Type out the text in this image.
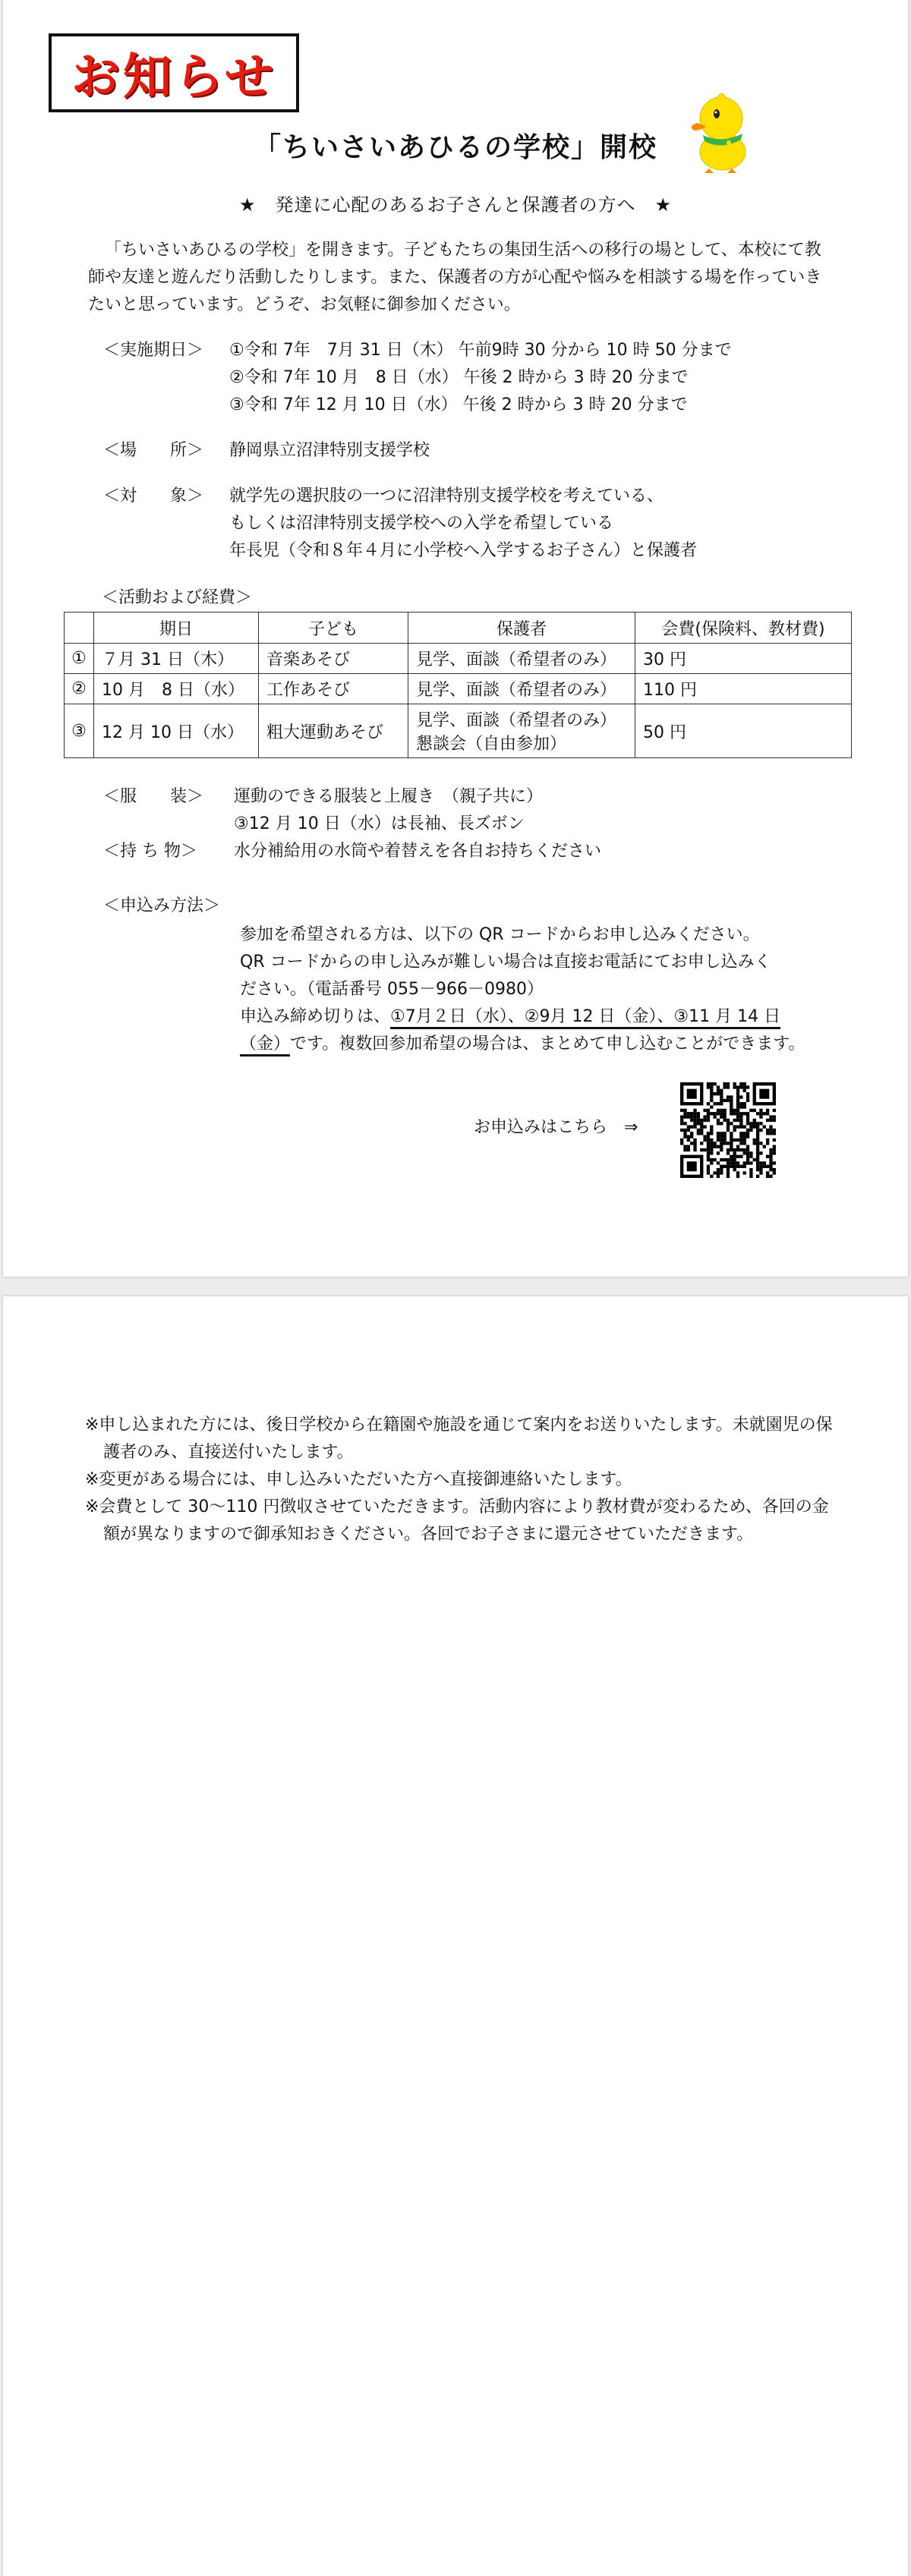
お知らせ
「ちいさいあひるの学校」開校
★　発達に心配のあるお子さんと保護者の方へ　★
「ちいさいあひるの学校」を開きます。子どもたちの集団生活への移行の場として、本校にて教師や友達と遊んだり活動したりします。また、保護者の方が心配や悩みを相談する場を作っていきたいと思っています。どうぞ、お気軽に御参加ください。
＜実施期日＞ ①令和 7年　7月 31 日（木） 午前9時 30 分から 10 時 50 分まで
②令和 7年 10 月　8 日（水） 午後 2 時から 3 時 20 分まで
③令和 7年 12 月 10 日（水） 午後 2 時から 3 時 20 分まで
＜場　　所＞ 静岡県立沼津特別支援学校
＜対　　象＞ 就学先の選択肢の一つに沼津特別支援学校を考えている、
もしくは沼津特別支援学校への入学を希望している
年長児（令和８年４月に小学校へ入学するお子さん）と保護者
＜活動および経費＞
	期日	子ども	保護者	会費(保険料、教材費)
①	７月 31 日（木）	音楽あそび	見学、面談（希望者のみ）	30 円
②	10 月　8 日（水）	工作あそび	見学、面談（希望者のみ）	110 円
③	12 月 10 日（水）	粗大運動あそび	見学、面談（希望者のみ）
懇談会（自由参加）	50 円
＜服　　装＞ 運動のできる服装と上履き　（親子共に）
③12 月 10 日（水）は長袖、長ズボン
＜持 ち 物＞ 水分補給用の水筒や着替えを各自お持ちください
＜申込み方法＞
参加を希望される方は、以下の QR コードからお申し込みください。
QR コードからの申し込みが難しい場合は直接お電話にてお申し込みく
ださい。（電話番号 055－966－0980）
申込み締め切りは、①7月２日（水）、②9月 12 日（金）、③11 月 14 日
（金）です。複数回参加希望の場合は、まとめて申し込むことができます。
お申込みはこちら　⇒
※申し込まれた方には、後日学校から在籍園や施設を通じて案内をお送りいたします。未就園児の保護者のみ、直接送付いたします。
※変更がある場合には、申し込みいただいた方へ直接御連絡いたします。
※会費として 30～110 円徴収させていただきます。活動内容により教材費が変わるため、各回の金額が異なりますので御承知おきください。各回でお子さまに還元させていただきます。
